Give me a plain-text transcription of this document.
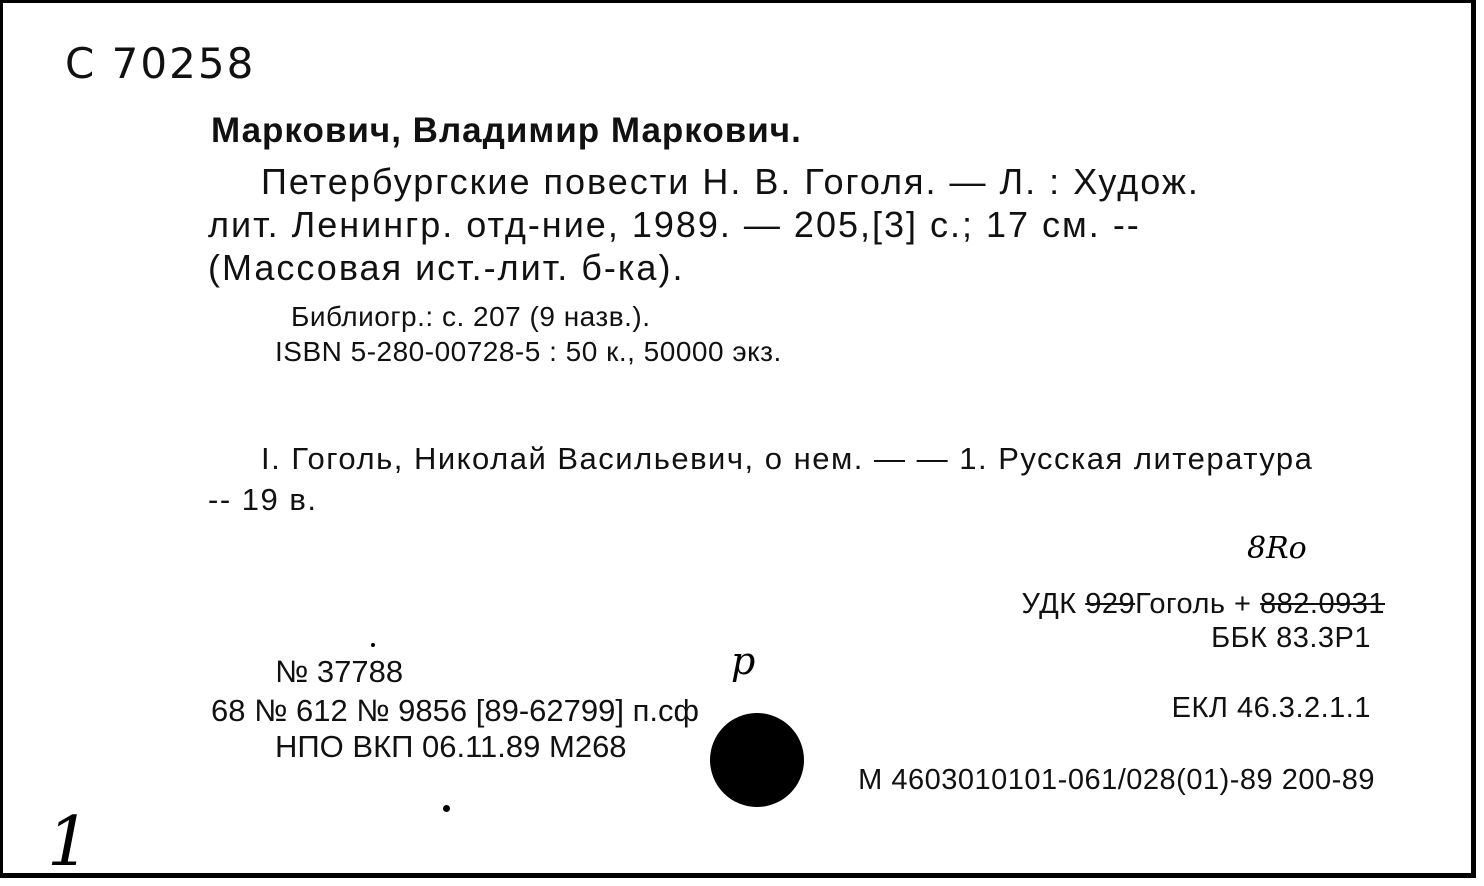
С 70258
Маркович, Владимир Маркович.
Петербургские повести Н. В. Гоголя. — Л. : Худож.
лит. Ленингр. отд-ние, 1989. — 205,[3] с.; 17 см. --
(Массовая ист.-лит. б-ка).
Библиогр.: с. 207 (9 назв.).
ISBN 5-280-00728-5 : 50 к., 50000 экз.
I. Гоголь, Николай Васильевич, о нем. — — 1. Русская литература
-- 19 в.
8Ro
УДК 929Гоголь + 882.0931
ББК 83.3Р1
p
№ 37788
68 № 612 № 9856 [89-62799] п.сф
НПО ВКП 06.11.89 М268
ЕКЛ 46.3.2.1.1
М 4603010101-061/028(01)-89 200-89
1
